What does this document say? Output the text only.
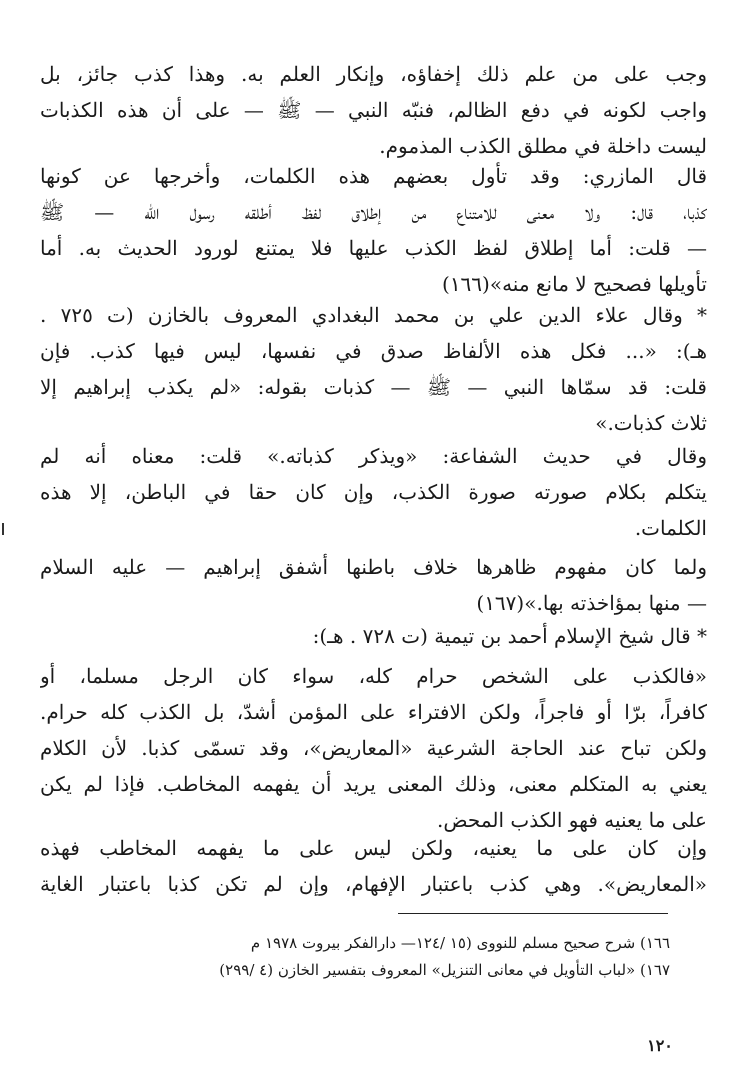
وجب على من علم ذلك إخفاؤه، وإنكار العلم به. وهذا كذب جائز، بل
واجب لكونه في دفع الظالم، فنبّه النبي — ﷺ — على أن هذه الكذبات
ليست داخلة في مطلق الكذب المذموم.
قال المازري: وقد تأول بعضهم هذه الكلمات، وأخرجها عن كونها
كذبا، قال: ولا معنى للامتناع من إطلاق لفظ أطلقه رسول الله — ﷺ
— قلت: أما إطلاق لفظ الكذب عليها فلا يمتنع لورود الحديث به. أما
تأويلها فصحيح لا مانع منه»(١٦٦)
* وقال علاء الدين علي بن محمد البغدادي المعروف بالخازن (ت ٧٢٥ .
هـ): «... فكل هذه الألفاظ صدق في نفسها، ليس فيها كذب. فإن
قلت: قد سمّاها النبي — ﷺ — كذبات بقوله: «لم يكذب إبراهيم إلا
ثلاث كذبات.»
وقال في حديث الشفاعة: «ويذكر كذباته.» قلت: معناه أنه لم
يتكلم بكلام صورته صورة الكذب، وإن كان حقا في الباطن، إلا هذه
الكلمات.
ولما كان مفهوم ظاهرها خلاف باطنها أشفق إبراهيم — عليه السلام
— منها بمؤاخذته بها.»(١٦٧)
* قال شيخ الإسلام أحمد بن تيمية (ت ٧٢٨ . هـ):
«فالكذب على الشخص حرام كله، سواء كان الرجل مسلما، أو
كافراً، برّا أو فاجراً، ولكن الافتراء على المؤمن أشدّ، بل الكذب كله حرام.
ولكن تباح عند الحاجة الشرعية «المعاريض»، وقد تسمّى كذبا. لأن الكلام
يعني به المتكلم معنى، وذلك المعنى يريد أن يفهمه المخاطب. فإذا لم يكن
على ما يعنيه فهو الكذب المحض.
وإن كان على ما يعنيه، ولكن ليس على ما يفهمه المخاطب فهذه
«المعاريض». وهي كذب باعتبار الإفهام، وإن لم تكن كذبا باعتبار الغاية
١٦٦) شرح صحيح مسلم للنووى (١٥ /١٢٤— دارالفكر بيروت ١٩٧٨ م
١٦٧) «لباب التأويل في معانى التنزيل» المعروف بتفسير الخازن (٤ /٢٩٩)
١٢٠
